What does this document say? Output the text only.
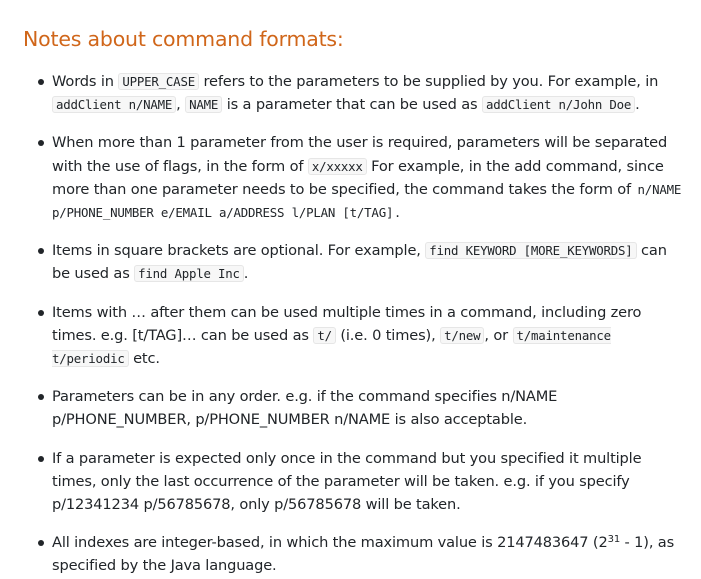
Notes about command formats:
Words in UPPER_CASE refers to the parameters to be supplied by you. For example, in addClient n/NAME , NAME is a parameter that can be used as addClient n/John Doe .
When more than 1 parameter from the user is required, parameters will be separated with the use of flags, in the form of x/xxxxx For example, in the add command, since more than one parameter needs to be specified, the command takes the form of n/NAME p/PHONE_NUMBER e/EMAIL a/ADDRESS l/PLAN [t/TAG] .
Items in square brackets are optional. For example, find KEYWORD [MORE_KEYWORDS] can be used as find Apple Inc .
Items with … after them can be used multiple times in a command, including zero times. e.g. [t/TAG]… can be used as t/ (i.e. 0 times), t/new , or t/maintenance t/periodic etc.
Parameters can be in any order. e.g. if the command specifies n/NAME p/PHONE_NUMBER, p/PHONE_NUMBER n/NAME is also acceptable.
If a parameter is expected only once in the command but you specified it multiple times, only the last occurrence of the parameter will be taken. e.g. if you specify p/12341234 p/56785678, only p/56785678 will be taken.
All indexes are integer-based, in which the maximum value is 2147483647 $(2^{31} - 1)$, as specified by the Java language.
